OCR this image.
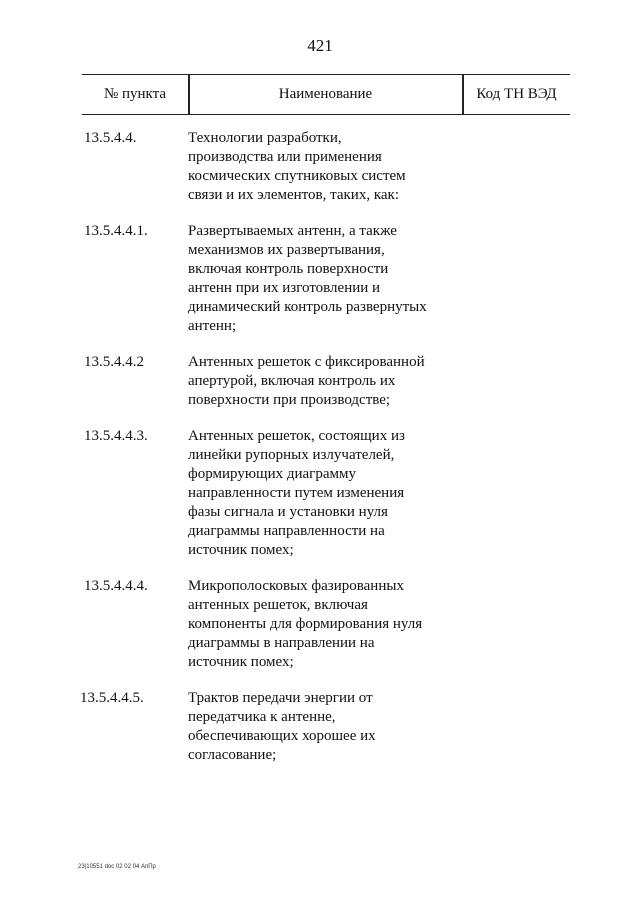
421
№ пункта	Наименование	Код ТН ВЭД
13.5.4.4.	Технологии разработки,
производства или применения
космических спутниковых систем
связи и их элементов, таких, как:
13.5.4.4.1.	Развертываемых антенн, а также
механизмов их развертывания,
включая контроль поверхности
антенн при их изготовлении и
динамический контроль развернутых
антенн;
13.5.4.4.2	Антенных решеток с фиксированной
апертурой, включая контроль их
поверхности при производстве;
13.5.4.4.3.	Антенных решеток, состоящих из
линейки рупорных излучателей,
формирующих диаграмму
направленности путем изменения
фазы сигнала и установки нуля
диаграммы направленности на
источник помех;
13.5.4.4.4.	Микрополосковых фазированных
антенных решеток, включая
компоненты для формирования нуля
диаграммы в направлении на
источник помех;
13.5.4.4.5.	Трактов передачи энергии от
передатчика к антенне,
обеспечивающих хорошее их
согласование;
23|10551 doc 02 02 04 АпПр
